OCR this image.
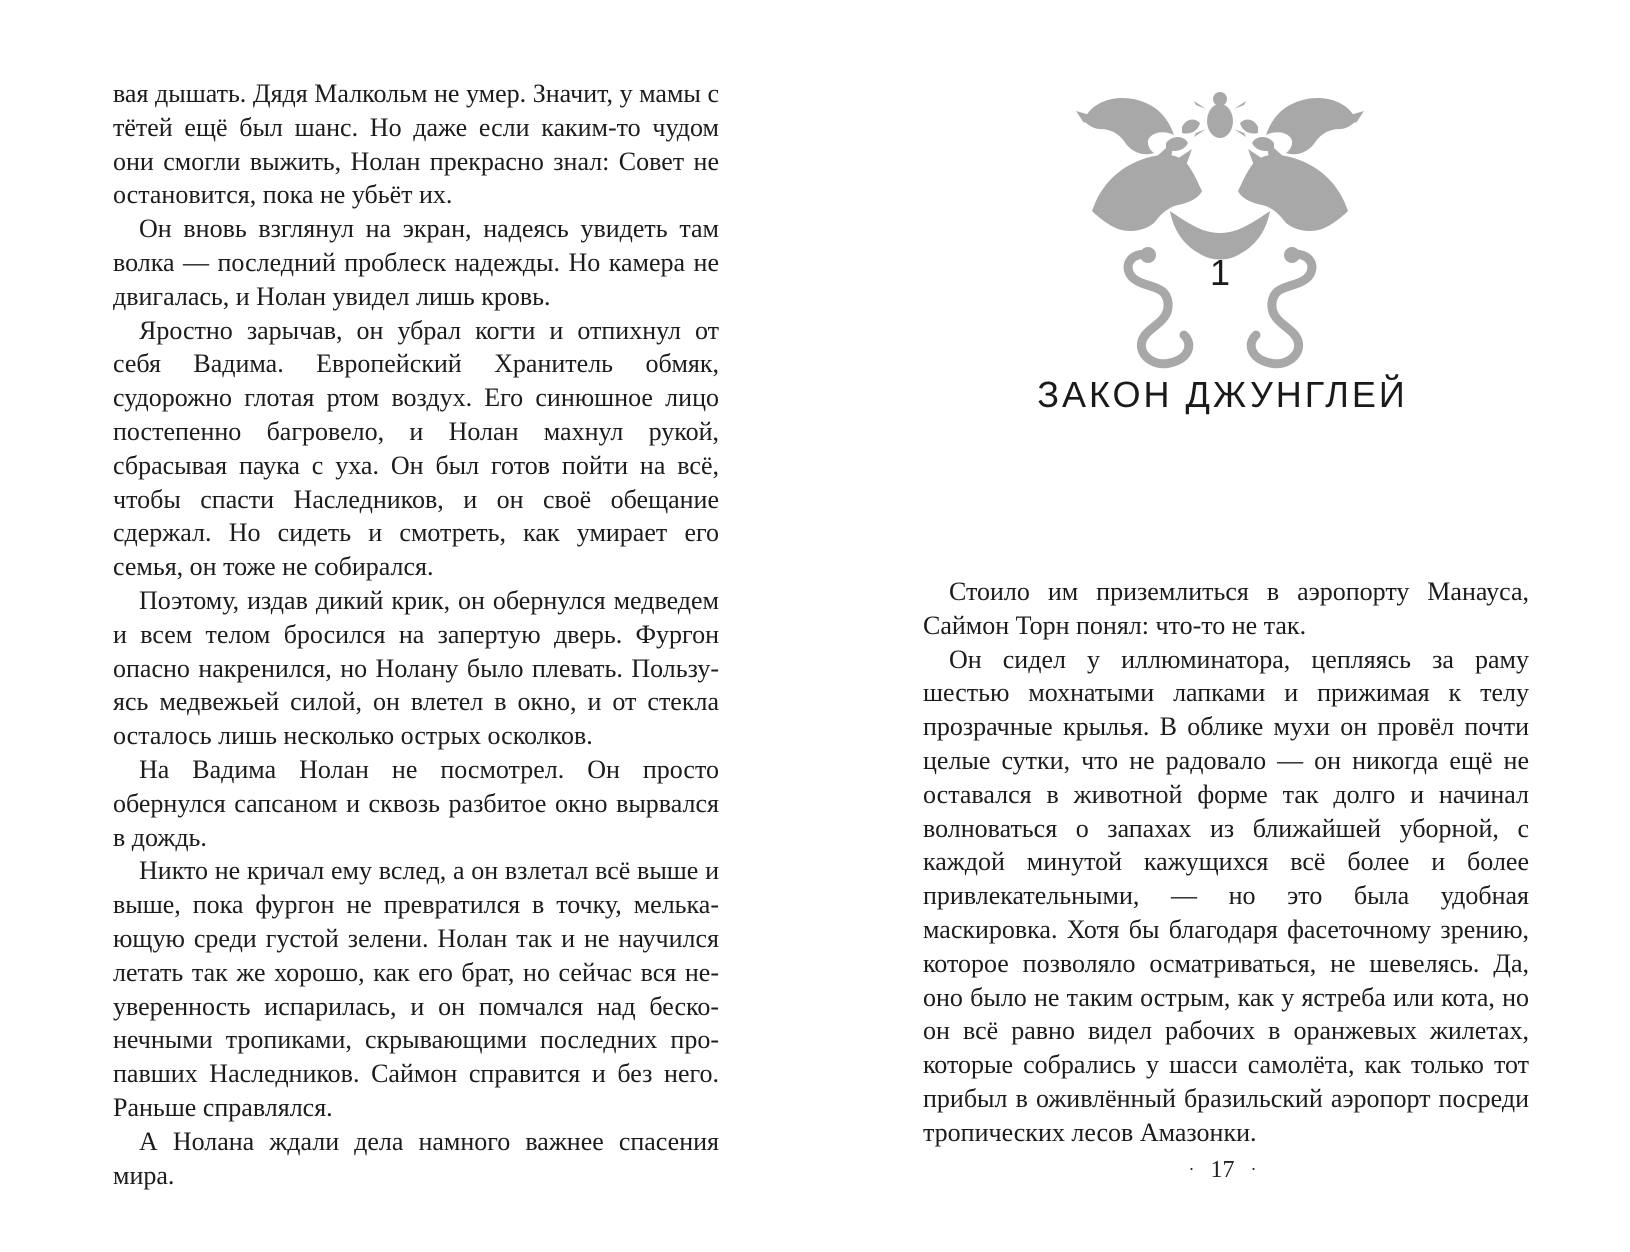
вая дышать. Дядя Малкольм не умер. Значит, у мамы с тётей ещё был шанс. Но даже если каким-то чудом они смогли выжить, Нолан прекрасно знал: Совет не остановится, пока не убьёт их.

Он вновь взглянул на экран, надеясь увидеть там волка — последний проблеск надежды. Но камера не двигалась, и Нолан увидел лишь кровь.

Яростно зарычав, он убрал когти и отпихнул от себя Вадима. Европейский Хранитель обмяк, судорожно глотая ртом воздух. Его синюшное лицо постепенно багровело, и Нолан махнул рукой, сбрасывая паука с уха. Он был готов пойти на всё, чтобы спасти Наследников, и он своё обещание сдержал. Но сидеть и смотреть, как умирает его семья, он тоже не собирался.

Поэтому, издав дикий крик, он обернулся медведем и всем телом бросился на запертую дверь. Фургон опасно накренился, но Нолану было плевать. Пользуясь медвежьей силой, он влетел в окно, и от стекла осталось лишь несколько острых осколков.

На Вадима Нолан не посмотрел. Он просто обернулся сапсаном и сквозь разбитое окно вырвался в дождь.

Никто не кричал ему вслед, а он взлетал всё выше и выше, пока фургон не превратился в точку, мелькающую среди густой зелени. Нолан так и не научился летать так же хорошо, как его брат, но сейчас вся неуверенность испарилась, и он помчался над бесконечными тропиками, скрывающими последних пропавших Наследников. Саймон справится и без него. Раньше справлялся.

А Нолана ждали дела намного важнее спасения мира.

1
ЗАКОН ДЖУНГЛЕЙ

Стоило им приземлиться в аэропорту Манауса, Саймон Торн понял: что-то не так.

Он сидел у иллюминатора, цепляясь за раму шестью мохнатыми лапками и прижимая к телу прозрачные крылья. В облике мухи он провёл почти целые сутки, что не радовало — он никогда ещё не оставался в животной форме так долго и начинал волноваться о запахах из ближайшей уборной, с каждой минутой кажущихся всё более и более привлекательными, — но это была удобная маскировка. Хотя бы благодаря фасеточному зрению, которое позволяло осматриваться, не шевелясь. Да, оно было не таким острым, как у ястреба или кота, но он всё равно видел рабочих в оранжевых жилетах, которые собрались у шасси самолёта, как только тот прибыл в оживлённый бразильский аэропорт посреди тропических лесов Амазонки.

· 17 ·
